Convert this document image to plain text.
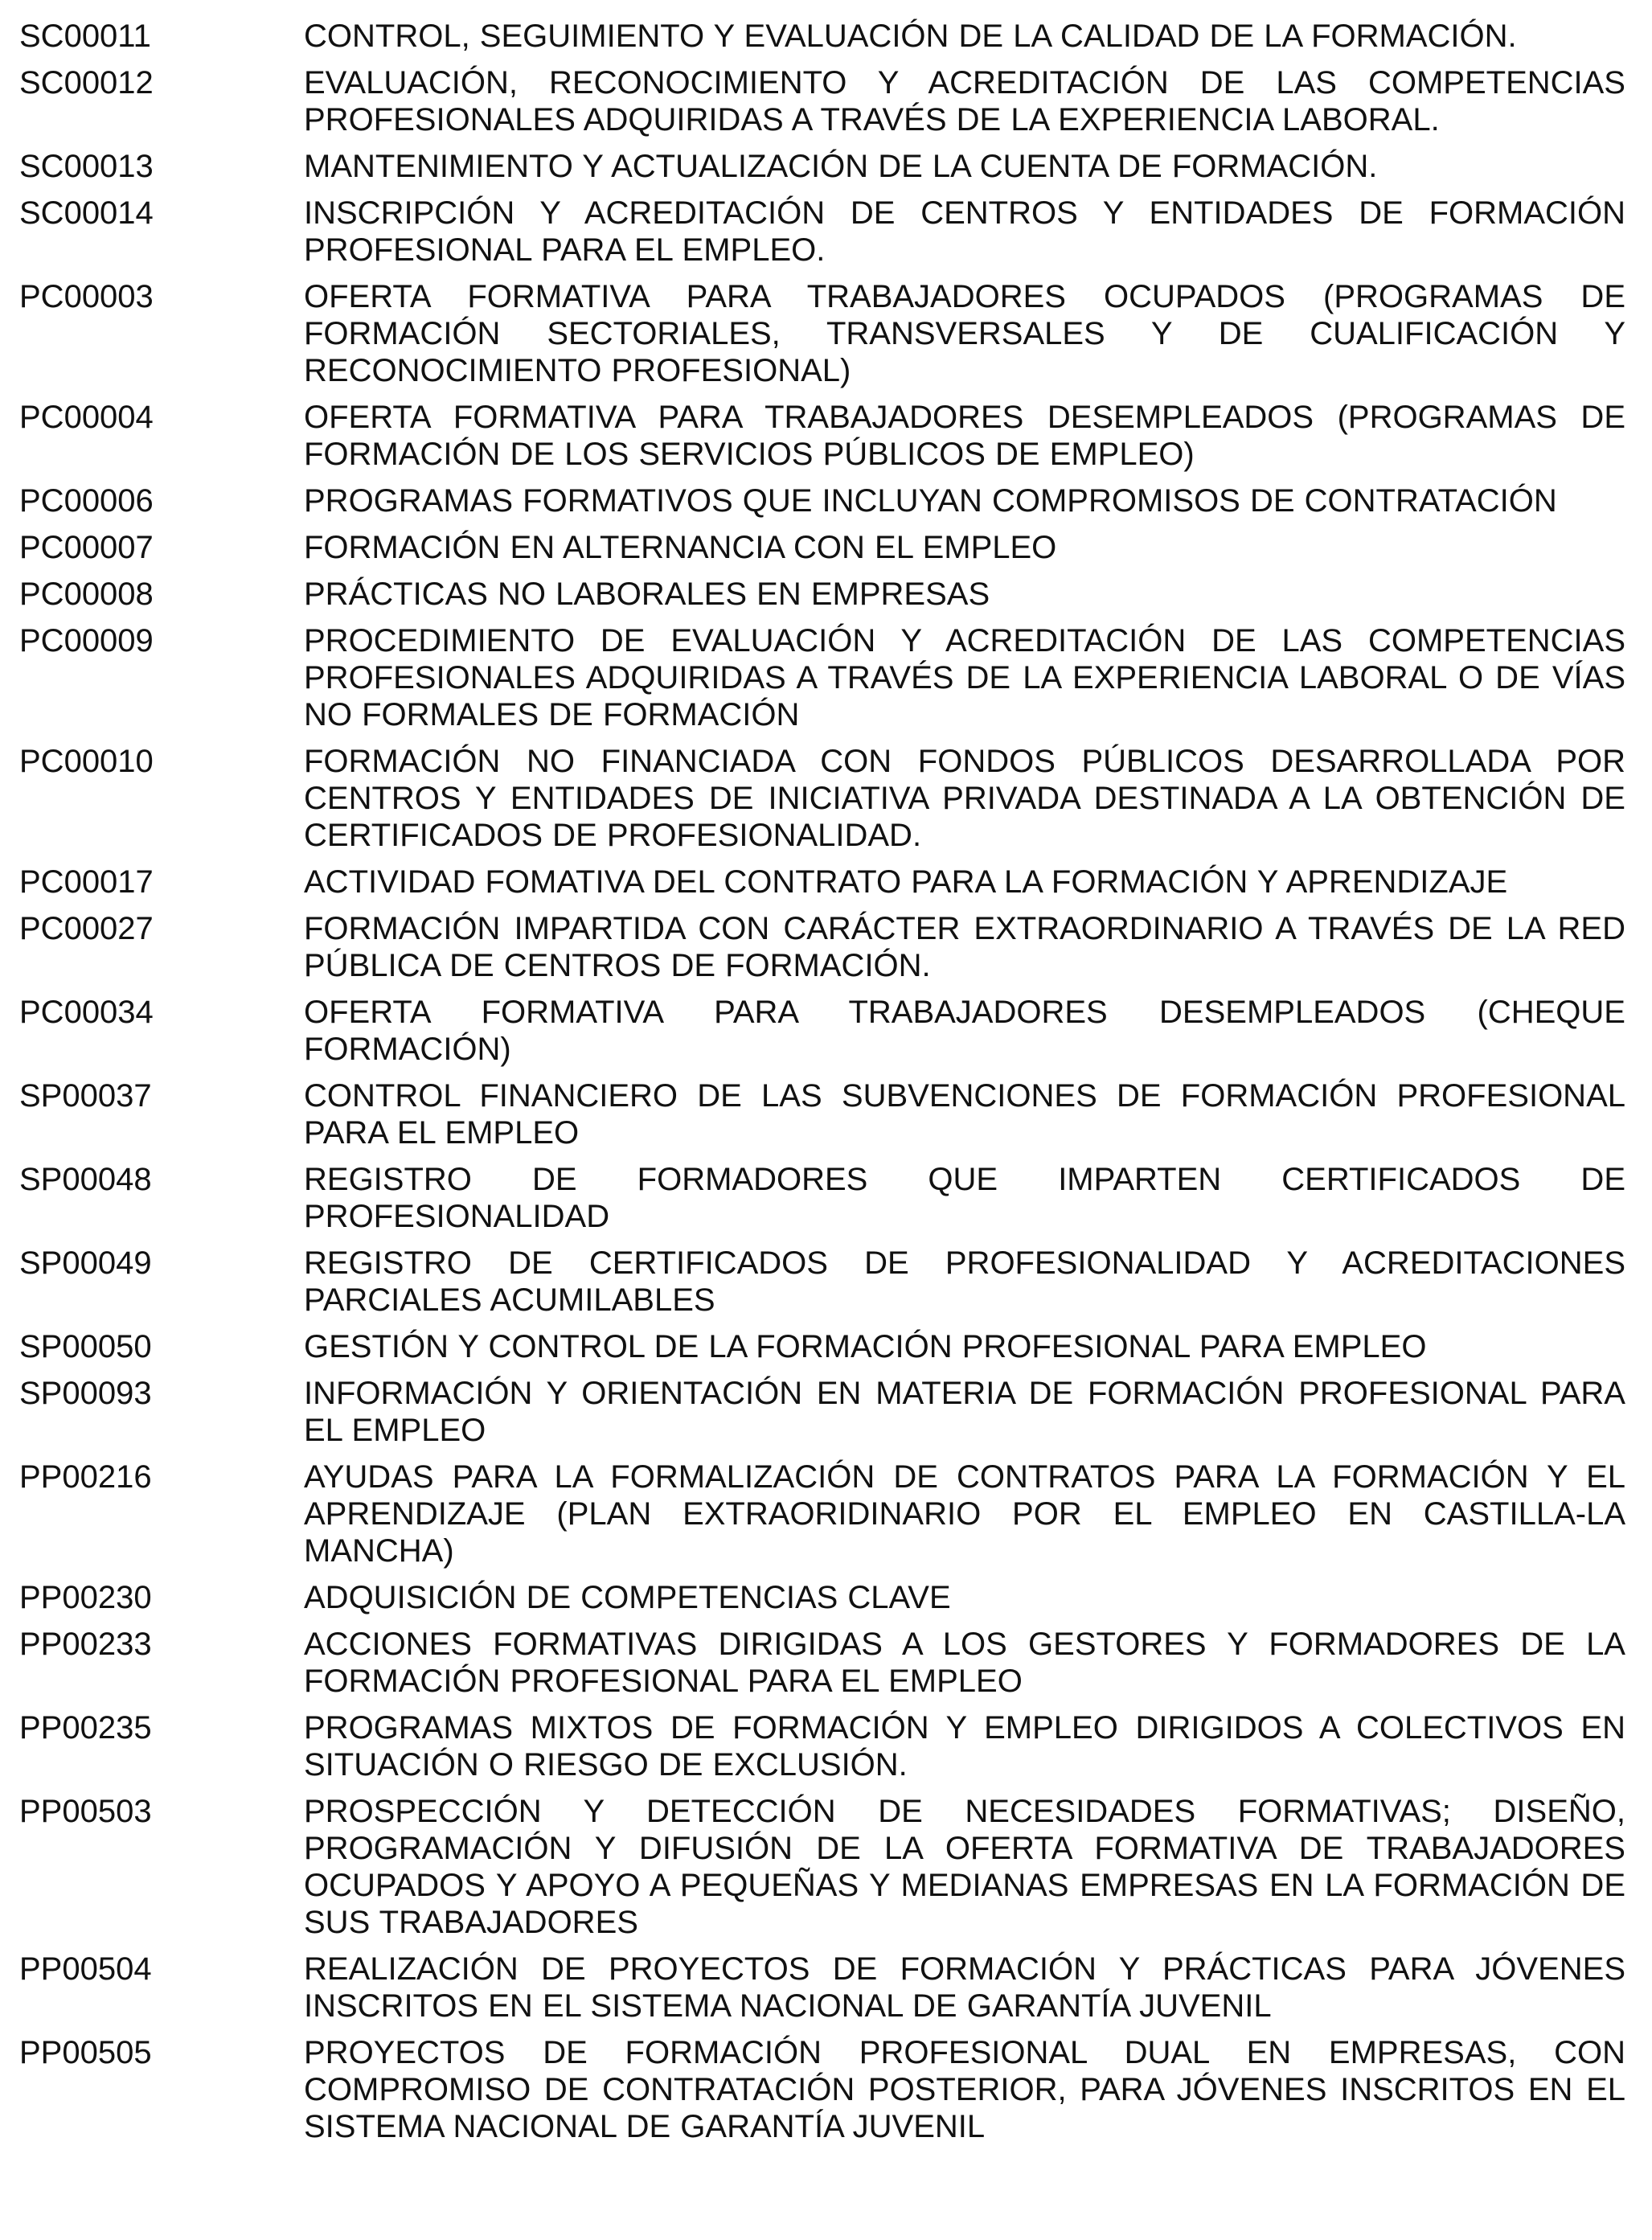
SC00011	CONTROL, SEGUIMIENTO Y EVALUACIÓN DE LA CALIDAD DE LA FORMACIÓN.
SC00012	EVALUACIÓN, RECONOCIMIENTO Y ACREDITACIÓN DE LAS COMPETENCIAS PROFESIONALES ADQUIRIDAS A TRAVÉS DE LA EXPERIENCIA LABORAL.
SC00013	MANTENIMIENTO Y ACTUALIZACIÓN DE LA CUENTA DE FORMACIÓN.
SC00014	INSCRIPCIÓN Y ACREDITACIÓN DE CENTROS Y ENTIDADES DE FORMACIÓN PROFESIONAL PARA EL EMPLEO.
PC00003	OFERTA FORMATIVA PARA TRABAJADORES OCUPADOS (PROGRAMAS DE FORMACIÓN SECTORIALES, TRANSVERSALES Y DE CUALIFICACIÓN Y RECONOCIMIENTO PROFESIONAL)
PC00004	OFERTA FORMATIVA PARA TRABAJADORES DESEMPLEADOS (PROGRAMAS DE FORMACIÓN DE LOS SERVICIOS PÚBLICOS DE EMPLEO)
PC00006	PROGRAMAS FORMATIVOS QUE INCLUYAN COMPROMISOS DE CONTRATACIÓN
PC00007	FORMACIÓN EN ALTERNANCIA CON EL EMPLEO
PC00008	PRÁCTICAS NO LABORALES EN EMPRESAS
PC00009	PROCEDIMIENTO DE EVALUACIÓN Y ACREDITACIÓN DE LAS COMPETENCIAS PROFESIONALES ADQUIRIDAS A TRAVÉS DE LA EXPERIENCIA LABORAL O DE VÍAS NO FORMALES DE FORMACIÓN
PC00010	FORMACIÓN NO FINANCIADA CON FONDOS PÚBLICOS DESARROLLADA POR CENTROS Y ENTIDADES DE INICIATIVA PRIVADA DESTINADA A LA OBTENCIÓN DE CERTIFICADOS DE PROFESIONALIDAD.
PC00017	ACTIVIDAD FOMATIVA DEL CONTRATO PARA LA FORMACIÓN Y APRENDIZAJE
PC00027	FORMACIÓN IMPARTIDA CON CARÁCTER EXTRAORDINARIO A TRAVÉS DE LA RED PÚBLICA DE CENTROS DE FORMACIÓN.
PC00034	OFERTA FORMATIVA PARA TRABAJADORES DESEMPLEADOS (CHEQUE FORMACIÓN)
SP00037	CONTROL FINANCIERO DE LAS SUBVENCIONES DE FORMACIÓN PROFESIONAL PARA EL EMPLEO
SP00048	REGISTRO DE FORMADORES QUE IMPARTEN CERTIFICADOS DE PROFESIONALIDAD
SP00049	REGISTRO DE CERTIFICADOS DE PROFESIONALIDAD Y ACREDITACIONES PARCIALES ACUMILABLES
SP00050	GESTIÓN Y CONTROL DE LA FORMACIÓN PROFESIONAL PARA EMPLEO
SP00093	INFORMACIÓN Y ORIENTACIÓN EN MATERIA DE FORMACIÓN PROFESIONAL PARA EL EMPLEO
PP00216	AYUDAS PARA LA FORMALIZACIÓN DE CONTRATOS PARA LA FORMACIÓN Y EL APRENDIZAJE (PLAN EXTRAORIDINARIO POR EL EMPLEO EN CASTILLA-LA MANCHA)
PP00230	ADQUISICIÓN DE COMPETENCIAS CLAVE
PP00233	ACCIONES FORMATIVAS DIRIGIDAS A LOS GESTORES Y FORMADORES DE LA FORMACIÓN PROFESIONAL PARA EL EMPLEO
PP00235	PROGRAMAS MIXTOS DE FORMACIÓN Y EMPLEO DIRIGIDOS A COLECTIVOS EN SITUACIÓN O RIESGO DE EXCLUSIÓN.
PP00503	PROSPECCIÓN Y DETECCIÓN DE NECESIDADES FORMATIVAS; DISEÑO, PROGRAMACIÓN Y DIFUSIÓN DE LA OFERTA FORMATIVA DE TRABAJADORES OCUPADOS Y APOYO A PEQUEÑAS Y MEDIANAS EMPRESAS EN LA FORMACIÓN DE SUS TRABAJADORES
PP00504	REALIZACIÓN DE PROYECTOS DE FORMACIÓN Y PRÁCTICAS PARA JÓVENES INSCRITOS EN EL SISTEMA NACIONAL DE GARANTÍA JUVENIL
PP00505	PROYECTOS DE FORMACIÓN PROFESIONAL DUAL EN EMPRESAS, CON COMPROMISO DE CONTRATACIÓN POSTERIOR, PARA JÓVENES INSCRITOS EN EL SISTEMA NACIONAL DE GARANTÍA JUVENIL
